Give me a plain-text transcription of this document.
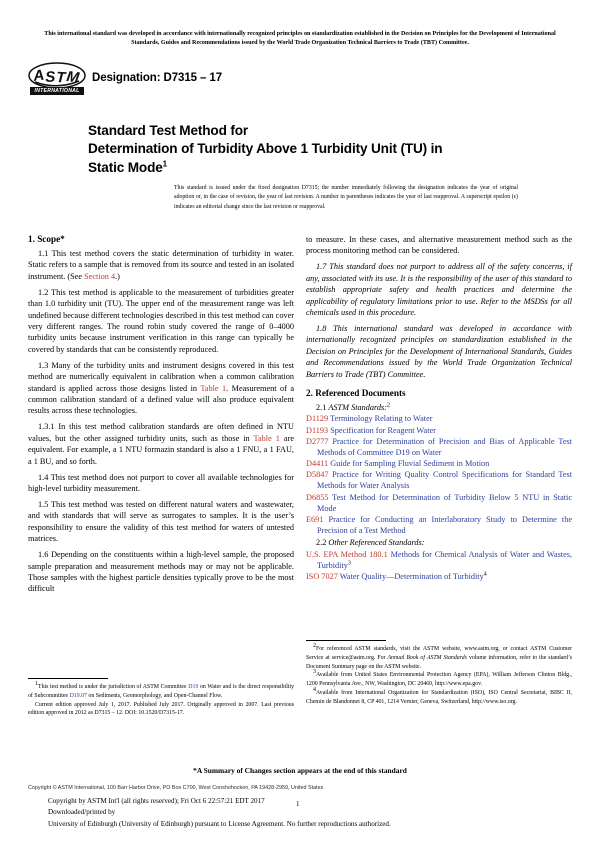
This international standard was developed in accordance with internationally recognized principles on standardization established in the Decision on Principles for the Development of International Standards, Guides and Recommendations issued by the World Trade Organization Technical Barriers to Trade (TBT) Committee.
A S T M
INTERNATIONAL
Designation: D7315 – 17
Standard Test Method for
Determination of Turbidity Above 1 Turbidity Unit (TU) in
Static Mode$^1$
This standard is issued under the fixed designation D7315; the number immediately following the designation indicates the year of original adoption or, in the case of revision, the year of last revision. A number in parentheses indicates the year of last reapproval. A superscript epsilon (ε) indicates an editorial change since the last revision or reapproval.
1. Scope*

1.1 This test method covers the static determination of turbidity in water. Static refers to a sample that is removed from its source and tested in an isolated instrument. (See Section 4.)

1.2 This test method is applicable to the measurement of turbidities greater than 1.0 turbidity unit (TU). The upper end of the measurement range was left undefined because different technologies described in this test method can cover very different ranges. The round robin study covered the range of 0–4000 turbidity units because instrument verification in this range can typically be covered by standards that can be consistently reproduced.

1.3 Many of the turbidity units and instrument designs covered in this test method are numerically equivalent in calibration when a common calibration standard is applied across those designs listed in Table 1. Measurement of a common calibration standard of a defined value will also produce equivalent results across these technologies.

1.3.1 In this test method calibration standards are often defined in NTU values, but the other assigned turbidity units, such as those in Table 1 are equivalent. For example, a 1 NTU formazin standard is also a 1 FNU, a 1 FAU, a 1 BU, and so forth.

1.4 This test method does not purport to cover all available technologies for high-level turbidity measurement.

1.5 This test method was tested on different natural waters and wastewater, and with standards that will serve as surrogates to samples. It is the user’s responsibility to ensure the validity of this test method for waters of untested matrices.

1.6 Depending on the constituents within a high-level sample, the proposed sample preparation and measurement methods may or may not be applicable. Those samples with the highest particle densities typically prove to be the most difficult

to measure. In these cases, and alternative measurement method such as the process monitoring method can be considered.

1.7 This standard does not purport to address all of the safety concerns, if any, associated with its use. It is the responsibility of the user of this standard to establish appropriate safety and health practices and determine the applicability of regulatory limitations prior to use. Refer to the MSDSs for all chemicals used in this procedure.

1.8 This international standard was developed in accordance with internationally recognized principles on standardization established in the Decision on Principles for the Development of International Standards, Guides and Recommendations issued by the World Trade Organization Technical Barriers to Trade (TBT) Committee.

2. Referenced Documents

2.1 ASTM Standards:$^2$

D1129 Terminology Relating to Water
D1193 Specification for Reagent Water
D2777 Practice for Determination of Precision and Bias of Applicable Test Methods of Committee D19 on Water
D4411 Guide for Sampling Fluvial Sediment in Motion
D5847 Practice for Writing Quality Control Specifications for Standard Test Methods for Water Analysis
D6855 Test Method for Determination of Turbidity Below 5 NTU in Static Mode
E691 Practice for Conducting an Interlaboratory Study to Determine the Precision of a Test Method

2.2 Other Referenced Standards:

U.S. EPA Method 180.1 Methods for Chemical Analysis of Water and Wastes, Turbidity$^3$
ISO 7027 Water Quality—Determination of Turbidity$^4$

$^1$This test method is under the jurisdiction of ASTM Committee D19 on Water and is the direct responsibility of Subcommittee D19.07 on Sediments, Geomorphology, and Open-Channel Flow.

Current edition approved July 1, 2017. Published July 2017. Originally approved in 2007. Last previous edition approved in 2012 as D7315 – 12. DOI: 10.1520/D7315-17.

$^2$For referenced ASTM standards, visit the ASTM website, www.astm.org, or contact ASTM Customer Service at service@astm.org. For Annual Book of ASTM Standards volume information, refer to the standard’s Document Summary page on the ASTM website.

$^3$Available from United States Environmental Protection Agency (EPA), William Jefferson Clinton Bldg., 1200 Pennsylvania Ave., NW, Washington, DC 20460, http://www.epa.gov.

$^4$Available from International Organization for Standardization (ISO), ISO Central Secretariat, BIBC II, Chemin de Blandonnet 8, CP 401, 1214 Vernier, Geneva, Switzerland, http://www.iso.org.

*A Summary of Changes section appears at the end of this standard
Copyright © ASTM International, 100 Barr Harbor Drive, PO Box C700, West Conshohocken, PA 19428-2959, United States
Copyright by ASTM Int'l (all rights reserved); Fri Oct 6 22:57:21 EDT 2017
Downloaded/printed by
University of Edinburgh (University of Edinburgh) pursuant to License Agreement. No further reproductions authorized.
1
